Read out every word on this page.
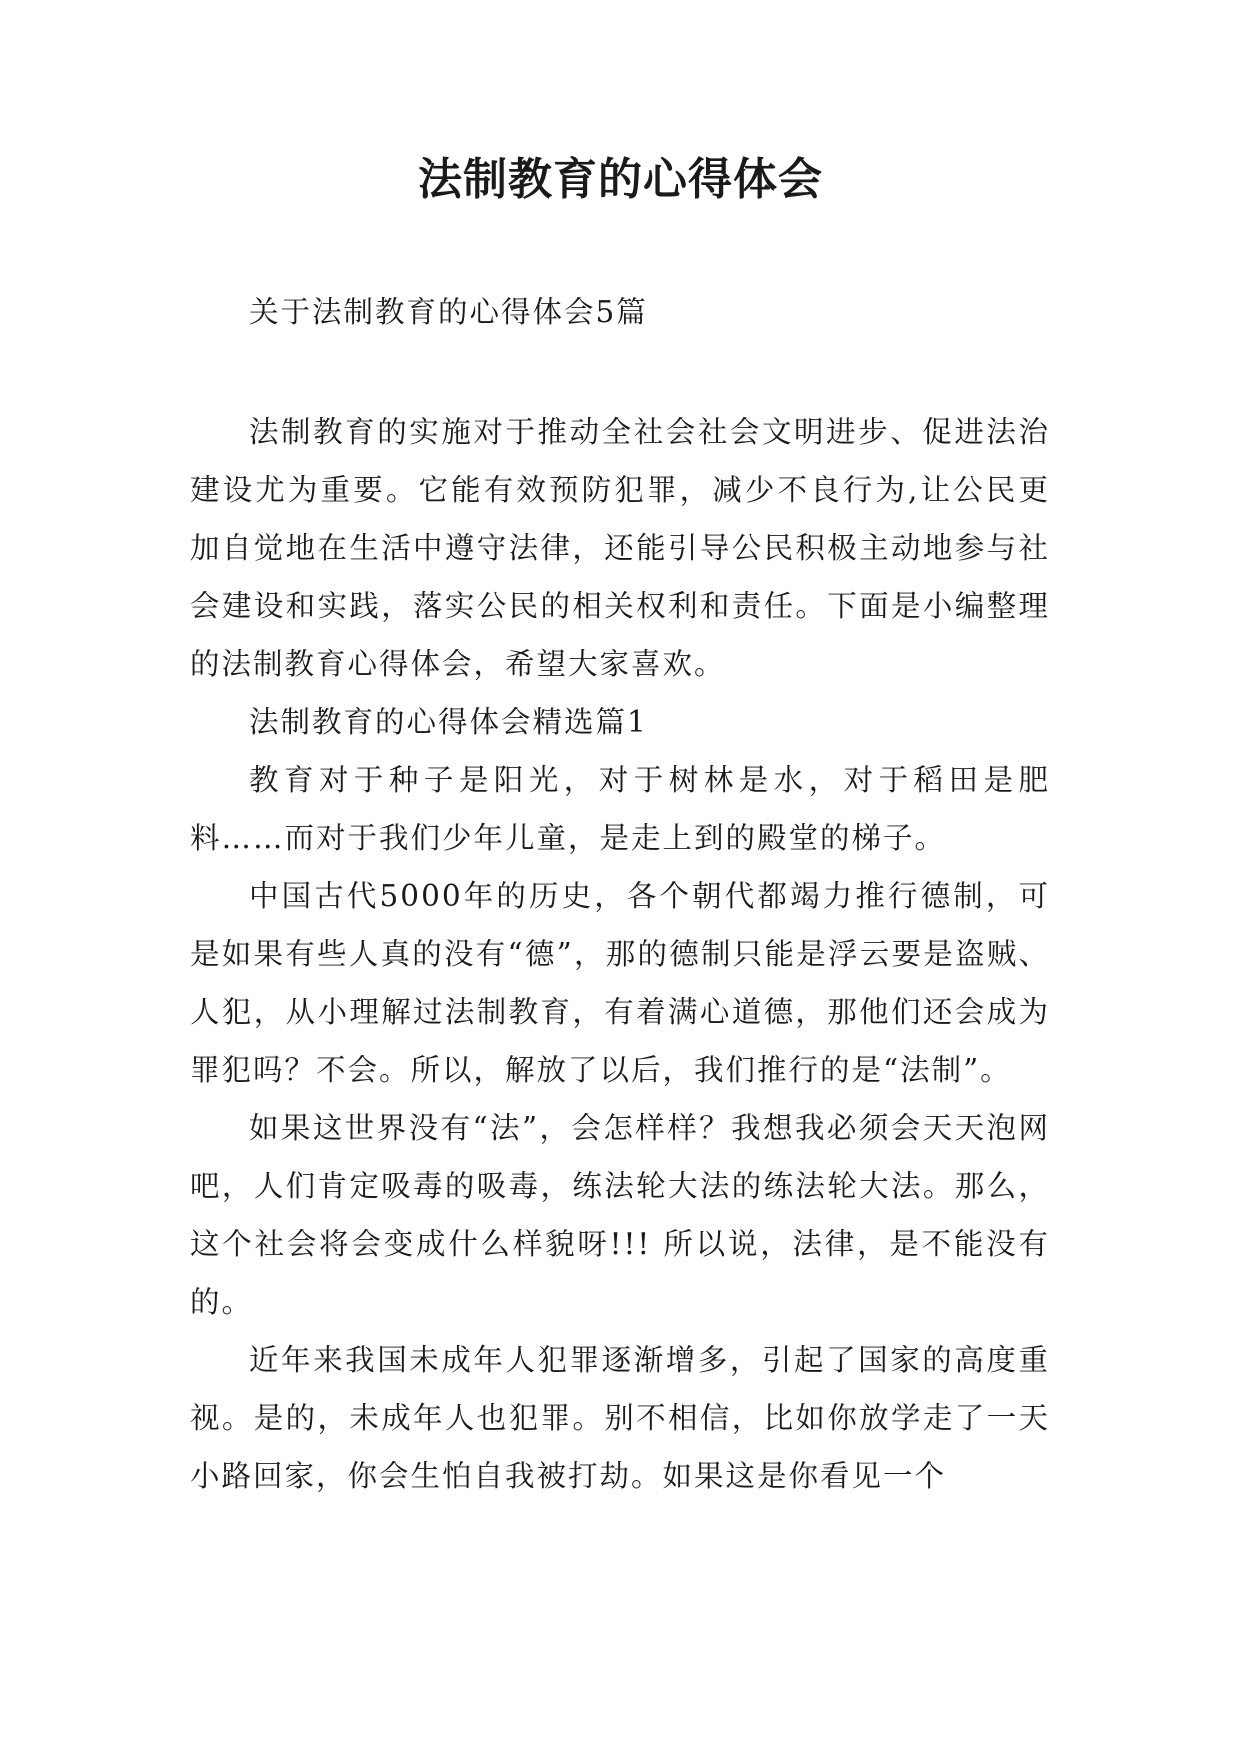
法制教育的心得体会

关于法制教育的心得体会5篇

法制教育的实施对于推动全社会社会文明进步、促进法治建设尤为重要。它能有效预防犯罪，减少不良行为,让公民更加自觉地在生活中遵守法律，还能引导公民积极主动地参与社会建设和实践，落实公民的相关权利和责任。下面是小编整理的法制教育心得体会，希望大家喜欢。

法制教育的心得体会精选篇1

教育对于种子是阳光，对于树林是水，对于稻田是肥料……而对于我们少年儿童，是走上到的殿堂的梯子。

中国古代5000年的历史，各个朝代都竭力推行德制，可是如果有些人真的没有“德”，那的德制只能是浮云要是盗贼、人犯，从小理解过法制教育，有着满心道德，那他们还会成为罪犯吗？不会。所以，解放了以后，我们推行的是“法制”。

如果这世界没有“法”，会怎样样？我想我必须会天天泡网吧，人们肯定吸毒的吸毒，练法轮大法的练法轮大法。那么，这个社会将会变成什么样貌呀!!! 所以说，法律，是不能没有的。

近年来我国未成年人犯罪逐渐增多，引起了国家的高度重视。是的，未成年人也犯罪。别不相信，比如你放学走了一天小路回家，你会生怕自我被打劫。如果这是你看见一个
